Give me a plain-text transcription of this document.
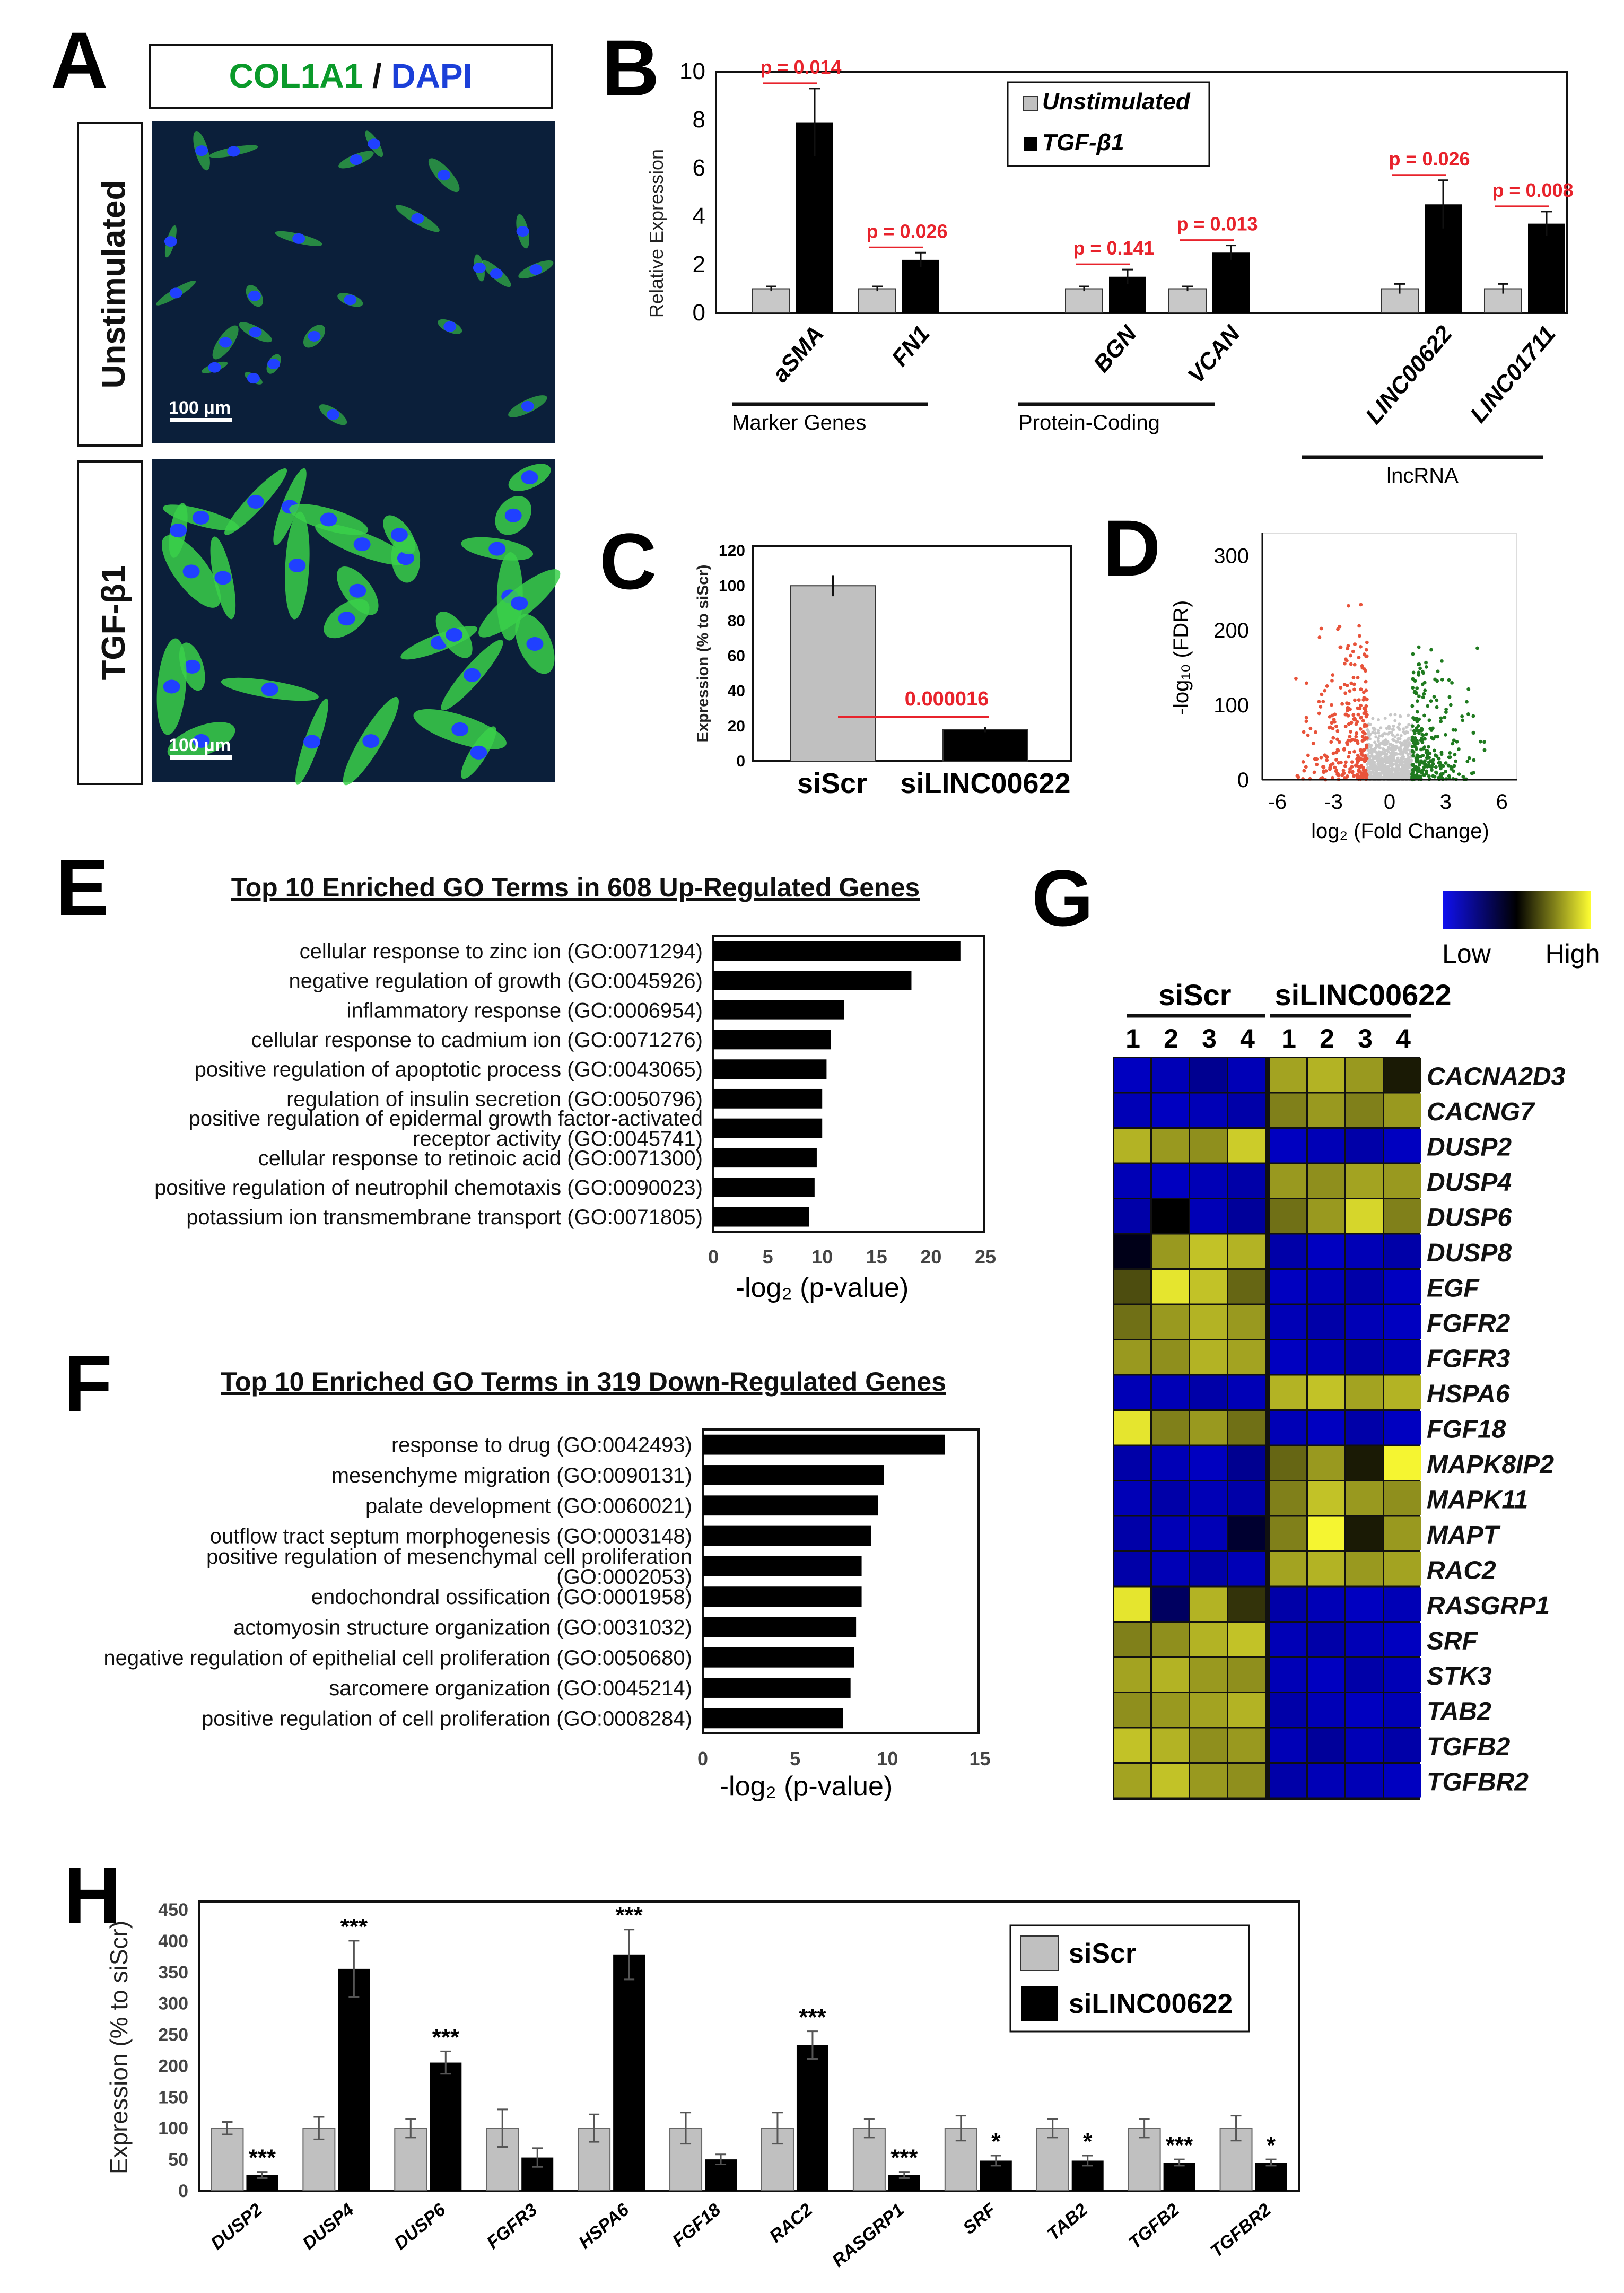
A	COL1A1 / DAPI
Unstimulated
TGF-β1
100 μm
100 μm
B
0
2
4
6
8
10
Relative Expression
p = 0.014
p = 0.026
p = 0.141
p = 0.013
p = 0.026
p = 0.008
aSMA FN1	BGN VCAN	LINC00622 LINC01711
Unstimulated
TGF-β1
Marker Genes	Protein-Coding
lncRNA
C
0
20
40
60
80
100
120
Expression (% to siScr)	0.000016
siScr siLINC00622
D
-6 -3 0 3 6
0
100
200
300
log₂ (Fold Change)
-log₁₀ (FDR)
E	Top 10 Enriched GO Terms in 608 Up-Regulated Genes
cellular response to zinc ion (GO:0071294)
negative regulation of growth (GO:0045926)
inflammatory response (GO:0006954)
cellular response to cadmium ion (GO:0071276)
positive regulation of apoptotic process (GO:0043065)
regulation of insulin secretion (GO:0050796)
positive regulation of epidermal growth factor-activated
receptor activity (GO:0045741)
cellular response to retinoic acid (GO:0071300)
positive regulation of neutrophil chemotaxis (GO:0090023)
potassium ion transmembrane transport (GO:0071805)
0 5 10 15 20 25
-log₂ (p-value)
F	Top 10 Enriched GO Terms in 319 Down-Regulated Genes
response to drug (GO:0042493)
mesenchyme migration (GO:0090131)
palate development (GO:0060021)
outflow tract septum morphogenesis (GO:0003148)
positive regulation of mesenchymal cell proliferation
(GO:0002053)
endochondral ossification (GO:0001958)
actomyosin structure organization (GO:0031032)
negative regulation of epithelial cell proliferation (GO:0050680)
sarcomere organization (GO:0045214)
positive regulation of cell proliferation (GO:0008284)
0	5	10	15
-log₂ (p-value)
G
Low High
siScr siLINC00622
1 2 3 4 1 2 3 4
CACNA2D3
CACNG7
DUSP2
DUSP4
DUSP6
DUSP8
EGF
FGFR2
FGFR3
HSPA6
FGF18
MAPK8IP2
MAPK11
MAPT
RAC2
RASGRP1
SRF
STK3
TAB2
TGFB2
TGFBR2
H
0
50
100
150
200
250
300
350
400
450
Expression (% to siScr)	***
***
***
***
***
***
*	*	***	*
DUSP2 DUSP4 DUSP6 FGFR3 HSPA6 FGF18 RAC2 RASGRP1	SRF TAB2 TGFB2 TGFBR2
siScr
siLINC00622
